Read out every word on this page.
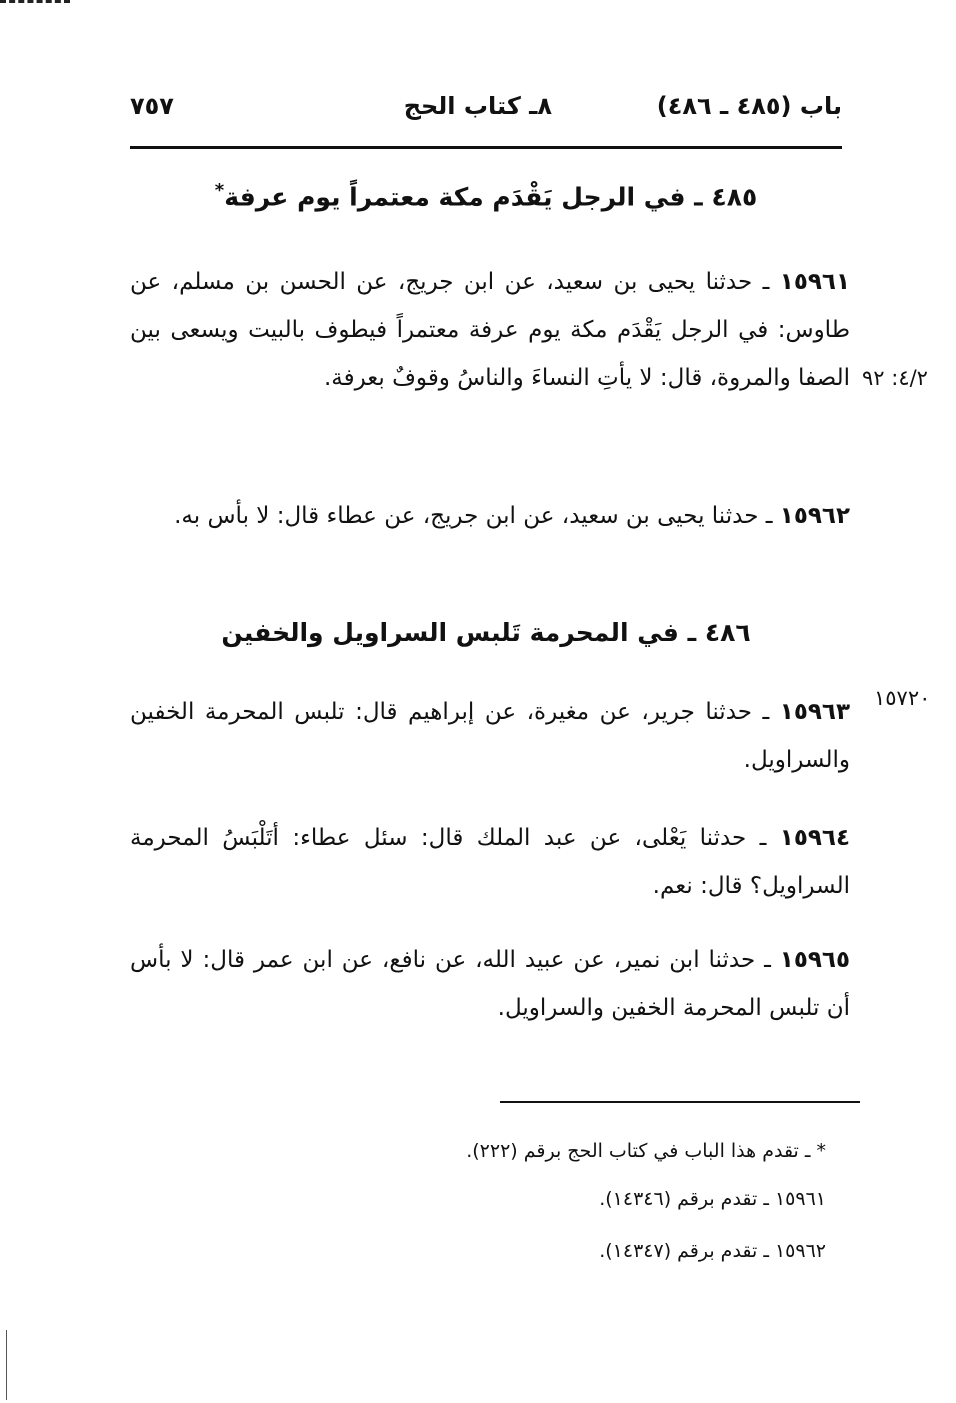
باب (٤٨٥ ـ ٤٨٦)
٨ـ كتاب الحج
٧٥٧
٤٨٥ ـ في الرجل يَقْدَم مكة معتمراً يوم عرفة*
١٥٩٦١ ـ حدثنا يحيى بن سعيد، عن ابن جريج، عن الحسن بن مسلم، عن طاوس: في الرجل يَقْدَم مكة يوم عرفة معتمراً فيطوف بالبيت ويسعى بين الصفا والمروة، قال: لا يأتِ النساءَ والناسُ وقوفٌ بعرفة. ٤/٢: ٩٢
١٥٩٦٢ ـ حدثنا يحيى بن سعيد، عن ابن جريج، عن عطاء قال: لا بأس به.
٤٨٦ ـ في المحرمة تَلبس السراويل والخفين
١٥٩٦٣ ـ حدثنا جرير، عن مغيرة، عن إبراهيم قال: تلبس المحرمة الخفين والسراويل.
١٥٧٢٠
١٥٩٦٤ ـ حدثنا يَعْلى، عن عبد الملك قال: سئل عطاء: أتَلْبَسُ المحرمة السراويل؟ قال: نعم.
١٥٩٦٥ ـ حدثنا ابن نمير، عن عبيد الله، عن نافع، عن ابن عمر قال: لا بأس أن تلبس المحرمة الخفين والسراويل.
* ـ تقدم هذا الباب في كتاب الحج برقم (٢٢٢).
١٥٩٦١ ـ تقدم برقم (١٤٣٤٦).
١٥٩٦٢ ـ تقدم برقم (١٤٣٤٧).
